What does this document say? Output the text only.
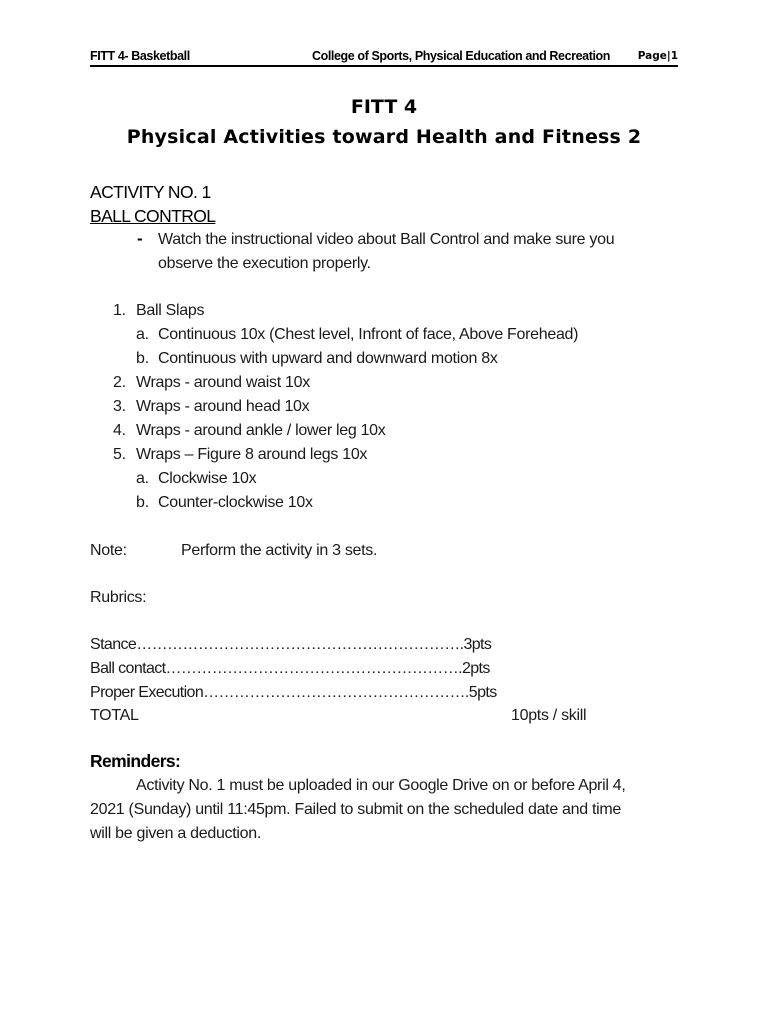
FITT 4- Basketball	College of Sports, Physical Education and Recreation	Page|1
FITT 4
Physical Activities toward Health and Fitness 2
ACTIVITY NO. 1
BALL CONTROL
- Watch the instructional video about Ball Control and make sure you
observe the execution properly.
1. Ball Slaps
a. Continuous 10x (Chest level, Infront of face, Above Forehead)
b. Continuous with upward and downward motion 8x
2. Wraps - around waist 10x
3. Wraps - around head 10x
4. Wraps - around ankle / lower leg 10x
5. Wraps – Figure 8 around legs 10x
a. Clockwise 10x
b. Counter-clockwise 10x
Note:	Perform the activity in 3 sets.
Rubrics:
Stance……………………………………………………….3pts
Ball contact………………………………………………….2pts
Proper Execution…………………………………………….5pts
TOTAL	10pts / skill
Reminders:
Activity No. 1 must be uploaded in our Google Drive on or before April 4,
2021 (Sunday) until 11:45pm. Failed to submit on the scheduled date and time
will be given a deduction.
